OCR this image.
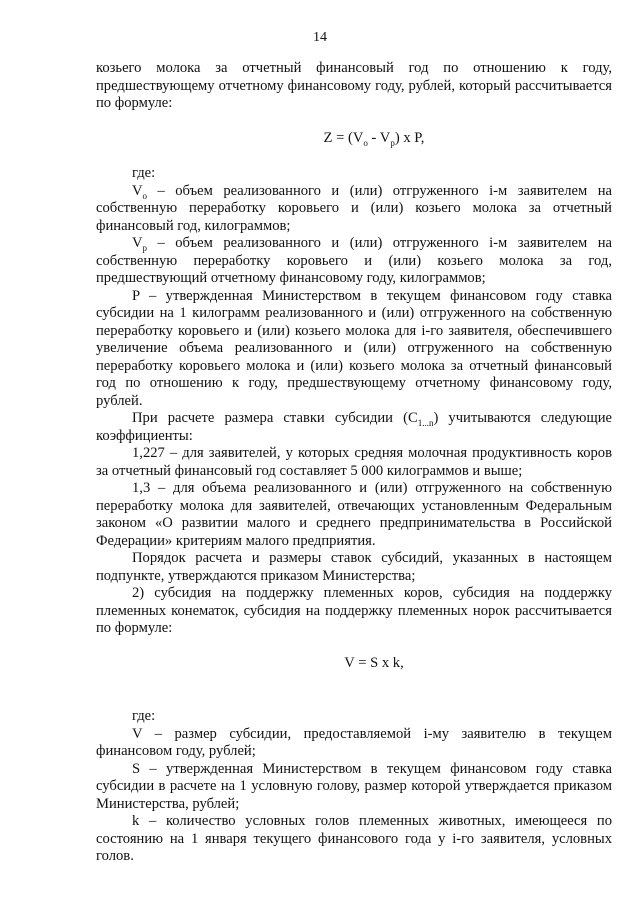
14

козьего молока за отчетный финансовый год по отношению к году, предшествующему отчетному финансовому году, рублей, который рассчитывается по формуле:

$Z = (V_o - V_p)$ x P,

где:

$V_o$ – объем реализованного и (или) отгруженного i-м заявителем на собственную переработку коровьего и (или) козьего молока за отчетный финансовый год, килограммов;

$V_p$ – объем реализованного и (или) отгруженного i-м заявителем на собственную переработку коровьего и (или) козьего молока за год, предшествующий отчетному финансовому году, килограммов;

P – утвержденная Министерством в текущем финансовом году ставка субсидии на 1 килограмм реализованного и (или) отгруженного на собственную переработку коровьего и (или) козьего молока для i-го заявителя, обеспечившего увеличение объема реализованного и (или) отгруженного на собственную переработку коровьего молока и (или) козьего молока за отчетный финансовый год по отношению к году, предшествующему отчетному финансовому году, рублей.

При расчете размера ставки субсидии $(C_{1...n})$ учитываются следующие коэффициенты:

1,227 – для заявителей, у которых средняя молочная продуктивность коров за отчетный финансовый год составляет 5 000 килограммов и выше;

1,3 – для объема реализованного и (или) отгруженного на собственную переработку молока для заявителей, отвечающих установленным Федеральным законом «О развитии малого и среднего предпринимательства в Российской Федерации» критериям малого предприятия.

Порядок расчета и размеры ставок субсидий, указанных в настоящем подпункте, утверждаются приказом Министерства;

2) субсидия на поддержку племенных коров, субсидия на поддержку племенных конематок, субсидия на поддержку племенных норок рассчитывается по формуле:

V = S x k,

где:

V – размер субсидии, предоставляемой i-му заявителю в текущем финансовом году, рублей;

S – утвержденная Министерством в текущем финансовом году ставка субсидии в расчете на 1 условную голову, размер которой утверждается приказом Министерства, рублей;

k – количество условных голов племенных животных, имеющееся по состоянию на 1 января текущего финансового года у i-го заявителя, условных голов.
